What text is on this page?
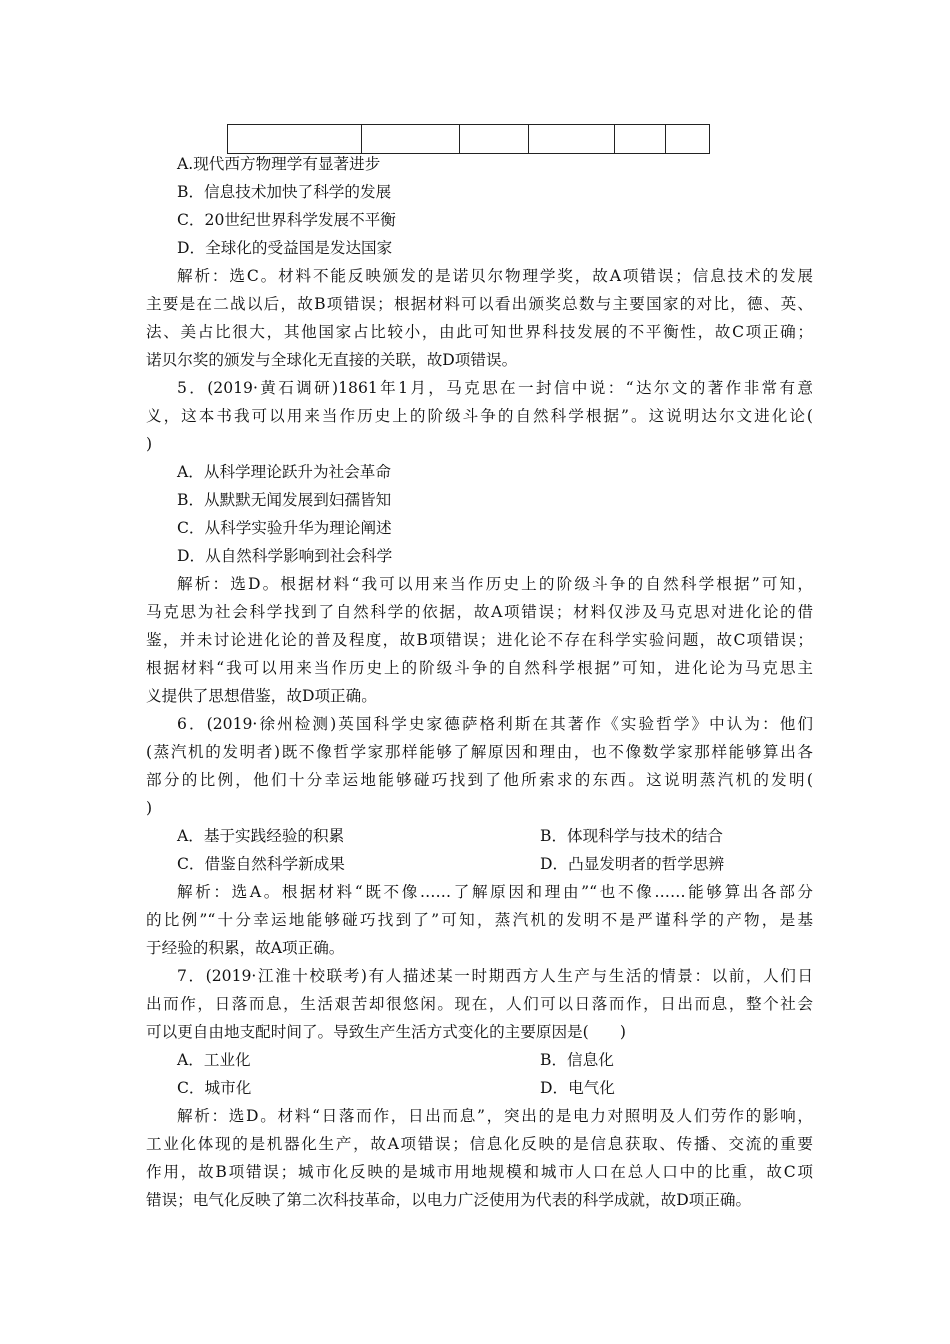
A.现代西方物理学有显著进步
B．信息技术加快了科学的发展
C．20世纪世界科学发展不平衡
D．全球化的受益国是发达国家
解析：选C。材料不能反映颁发的是诺贝尔物理学奖，故A项错误；信息技术的发展
主要是在二战以后，故B项错误；根据材料可以看出颁奖总数与主要国家的对比，德、英、
法、美占比很大，其他国家占比较小，由此可知世界科技发展的不平衡性，故C项正确；
诺贝尔奖的颁发与全球化无直接的关联，故D项错误。
5．(2019·黄石调研)1861年1月，马克思在一封信中说：“达尔文的著作非常有意
义，这本书我可以用来当作历史上的阶级斗争的自然科学根据”。这说明达尔文进化论(
)
A．从科学理论跃升为社会革命
B．从默默无闻发展到妇孺皆知
C．从科学实验升华为理论阐述
D．从自然科学影响到社会科学
解析：选D。根据材料“我可以用来当作历史上的阶级斗争的自然科学根据”可知，
马克思为社会科学找到了自然科学的依据，故A项错误；材料仅涉及马克思对进化论的借
鉴，并未讨论进化论的普及程度，故B项错误；进化论不存在科学实验问题，故C项错误；
根据材料“我可以用来当作历史上的阶级斗争的自然科学根据”可知，进化论为马克思主
义提供了思想借鉴，故D项正确。
6．(2019·徐州检测)英国科学史家德萨格利斯在其著作《实验哲学》中认为：他们
(蒸汽机的发明者)既不像哲学家那样能够了解原因和理由，也不像数学家那样能够算出各
部分的比例，他们十分幸运地能够碰巧找到了他所索求的东西。这说明蒸汽机的发明(
)
A．基于实践经验的积累	B．体现科学与技术的结合
C．借鉴自然科学新成果	D．凸显发明者的哲学思辨
解析：选A。根据材料“既不像……了解原因和理由”“也不像……能够算出各部分
的比例”“十分幸运地能够碰巧找到了”可知，蒸汽机的发明不是严谨科学的产物，是基
于经验的积累，故A项正确。
7．(2019·江淮十校联考)有人描述某一时期西方人生产与生活的情景：以前，人们日
出而作，日落而息，生活艰苦却很悠闲。现在，人们可以日落而作，日出而息，整个社会
可以更自由地支配时间了。导致生产生活方式变化的主要原因是(　　)
A．工业化	B．信息化
C．城市化	D．电气化
解析：选D。材料“日落而作，日出而息”，突出的是电力对照明及人们劳作的影响，
工业化体现的是机器化生产，故A项错误；信息化反映的是信息获取、传播、交流的重要
作用，故B项错误；城市化反映的是城市用地规模和城市人口在总人口中的比重，故C项
错误；电气化反映了第二次科技革命，以电力广泛使用为代表的科学成就，故D项正确。
